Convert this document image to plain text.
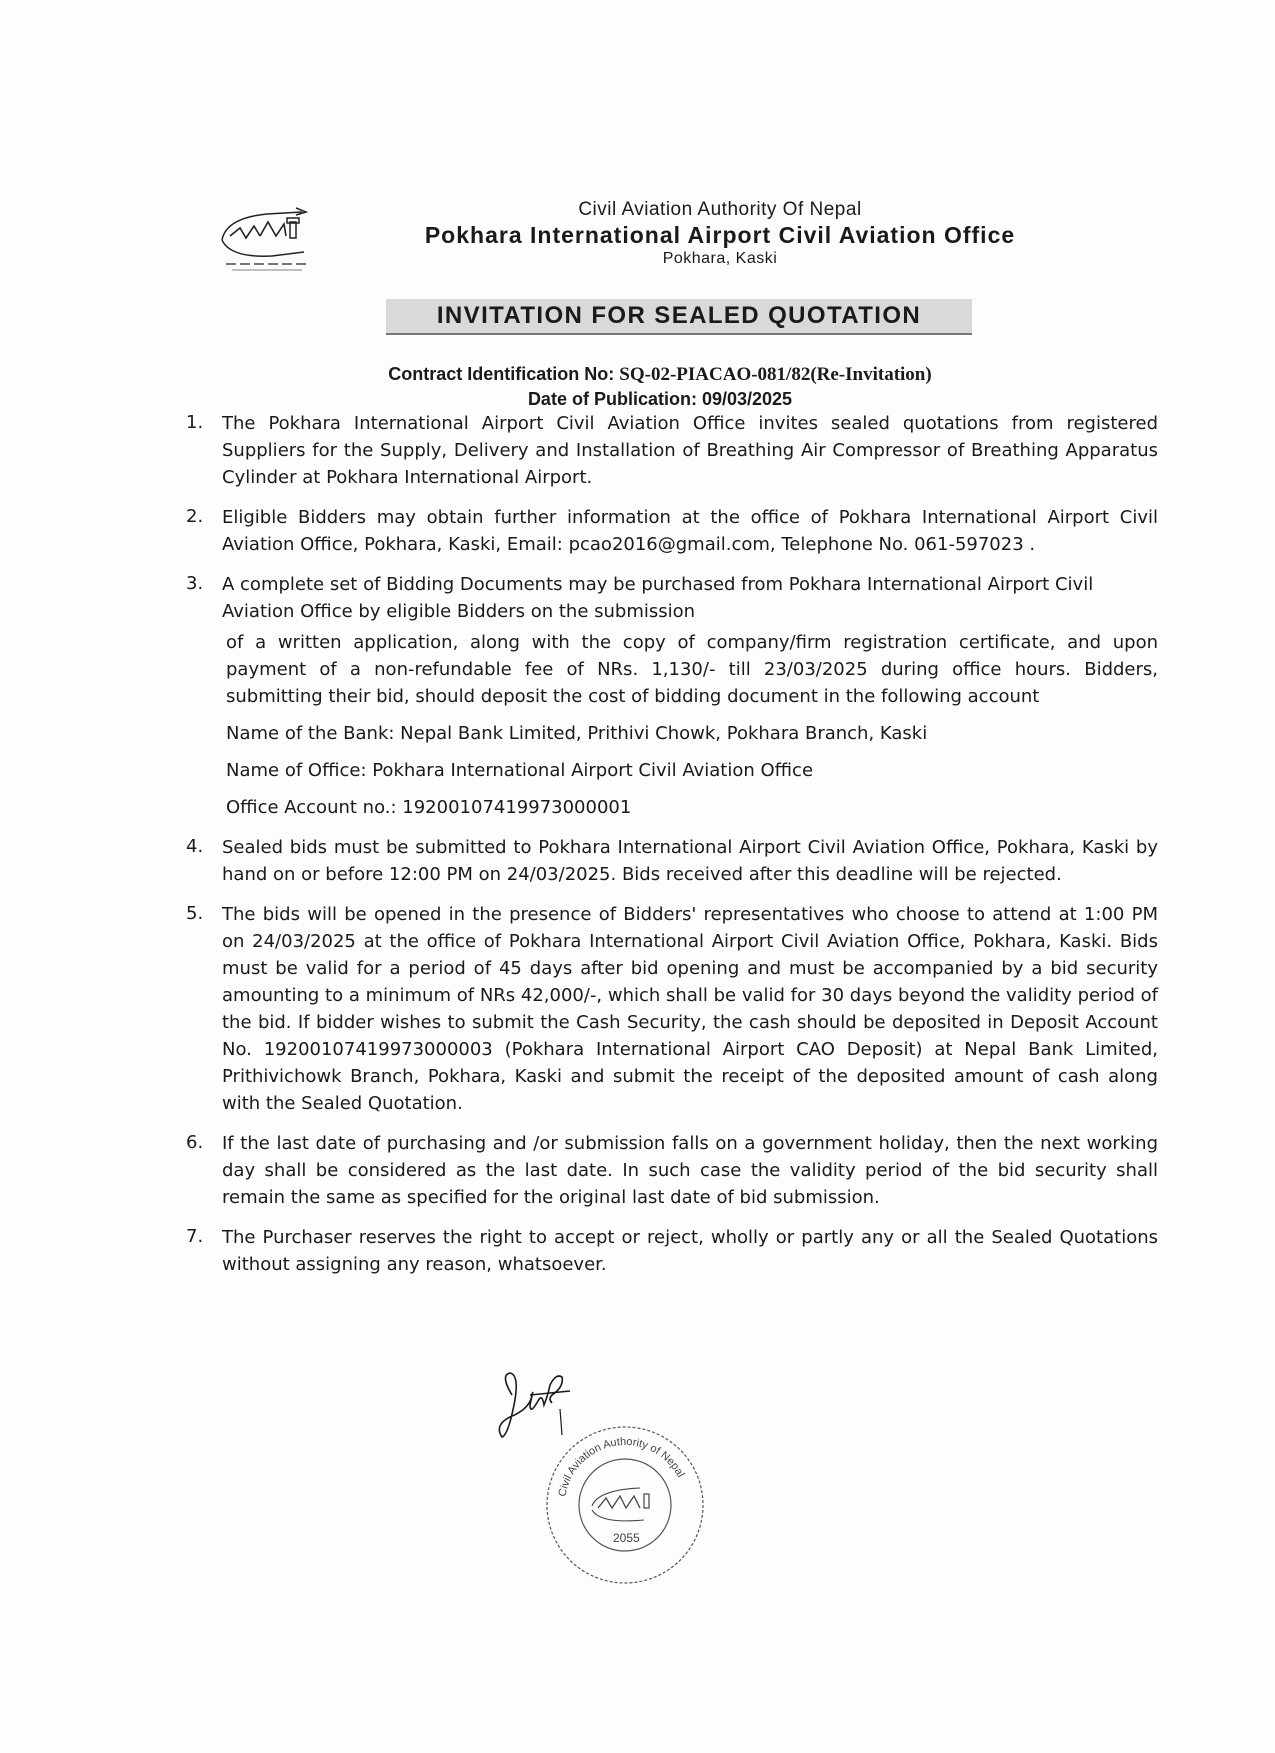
Civil Aviation Authority Of Nepal
Pokhara International Airport Civil Aviation Office
Pokhara, Kaski
INVITATION FOR SEALED QUOTATION
Contract Identification No: SQ-02-PIACAO-081/82(Re-Invitation)
Date of Publication: 09/03/2025
1.	The Pokhara International Airport Civil Aviation Office invites sealed quotations from registered Suppliers for the Supply, Delivery and Installation of Breathing Air Compressor of Breathing Apparatus Cylinder at Pokhara International Airport.
2.	Eligible Bidders may obtain further information at the office of Pokhara International Airport Civil Aviation Office, Pokhara, Kaski, Email: pcao2016@gmail.com, Telephone No. 061-597023 .
3.	A complete set of Bidding Documents may be purchased from Pokhara International Airport Civil Aviation Office by eligible Bidders on the submission
of a written application, along with the copy of company/firm registration certificate, and upon payment of a non-refundable fee of NRs. 1,130/- till 23/03/2025 during office hours. Bidders, submitting their bid, should deposit the cost of bidding document in the following account
Name of the Bank: Nepal Bank Limited, Prithivi Chowk, Pokhara Branch, Kaski
Name of Office: Pokhara International Airport Civil Aviation Office
Office Account no.: 19200107419973000001
4.	Sealed bids must be submitted to Pokhara International Airport Civil Aviation Office, Pokhara, Kaski by hand on or before 12:00 PM on 24/03/2025. Bids received after this deadline will be rejected.
5.	The bids will be opened in the presence of Bidders' representatives who choose to attend at 1:00 PM on 24/03/2025 at the office of Pokhara International Airport Civil Aviation Office, Pokhara, Kaski. Bids must be valid for a period of 45 days after bid opening and must be accompanied by a bid security amounting to a minimum of NRs 42,000/-, which shall be valid for 30 days beyond the validity period of the bid. If bidder wishes to submit the Cash Security, the cash should be deposited in Deposit Account No. 19200107419973000003 (Pokhara International Airport CAO Deposit) at Nepal Bank Limited, Prithivichowk Branch, Pokhara, Kaski and submit the receipt of the deposited amount of cash along with the Sealed Quotation.
6.	If the last date of purchasing and /or submission falls on a government holiday, then the next working day shall be considered as the last date. In such case the validity period of the bid security shall remain the same as specified for the original last date of bid submission.
7.	The Purchaser reserves the right to accept or reject, wholly or partly any or all the Sealed Quotations without assigning any reason, whatsoever.
Civil Aviation Authority of Nepal
2055
